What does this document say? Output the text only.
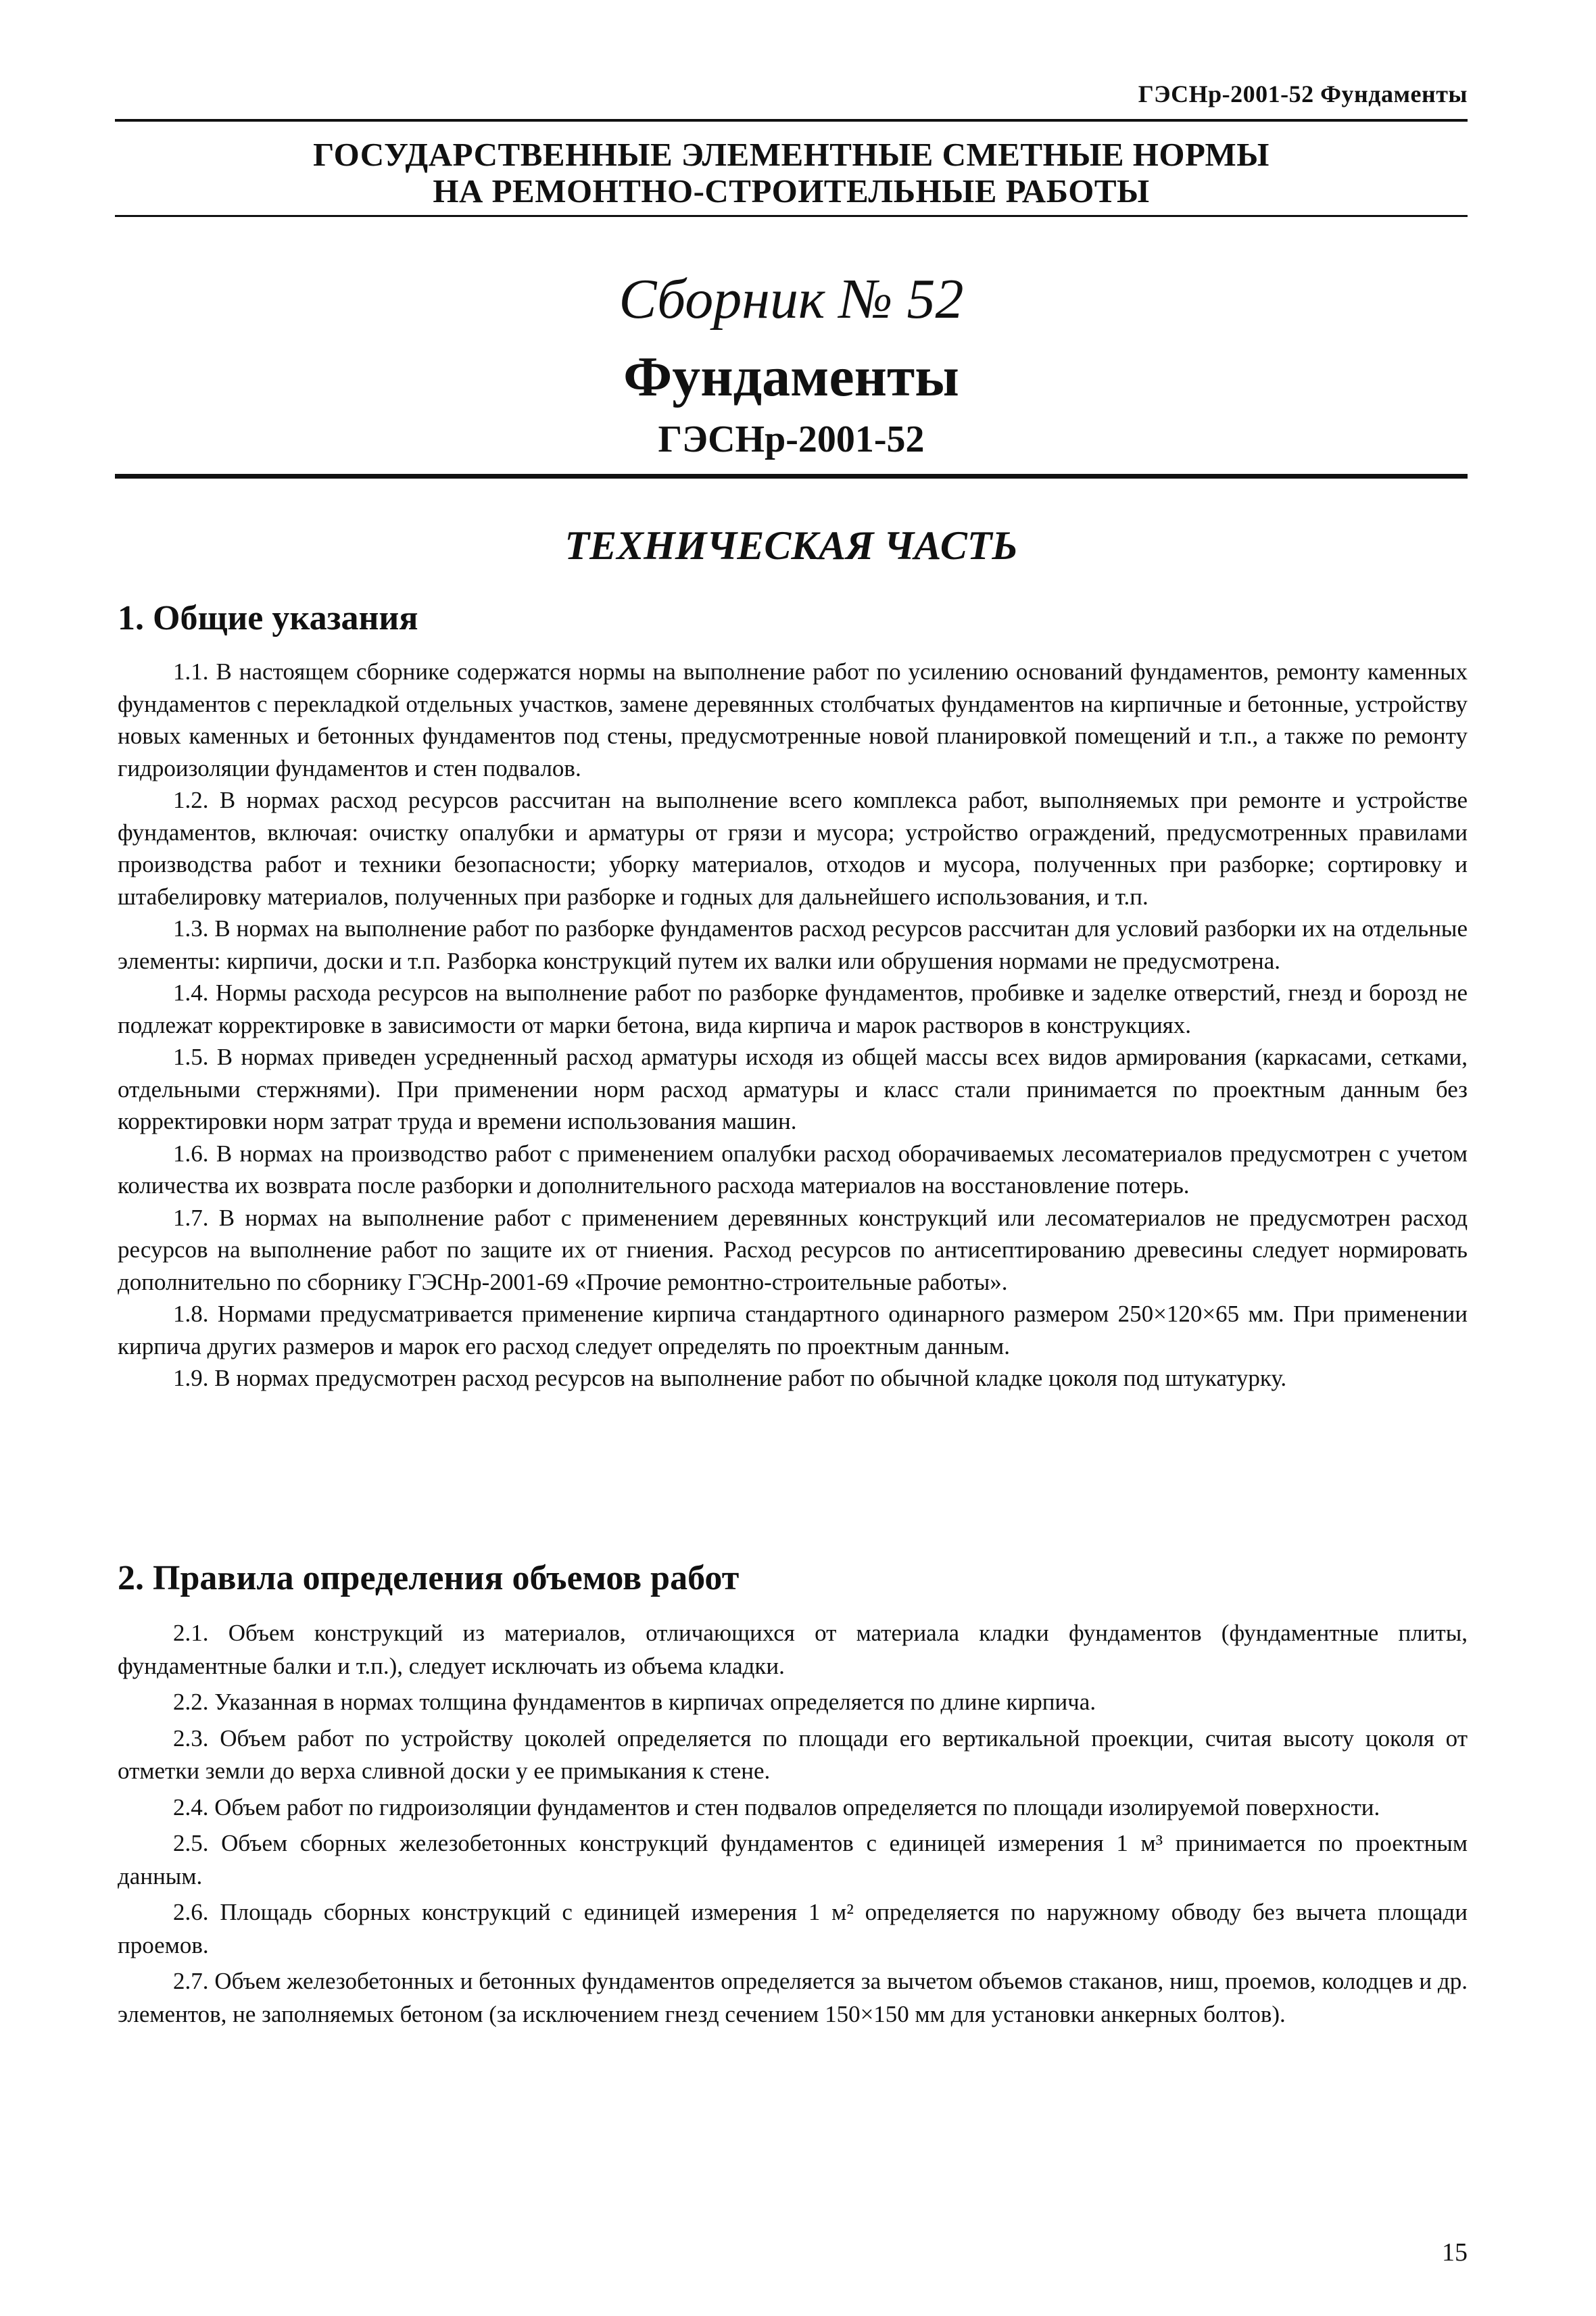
ГЭСНр-2001-52 Фундаменты
ГОСУДАРСТВЕННЫЕ ЭЛЕМЕНТНЫЕ СМЕТНЫЕ НОРМЫ
НА РЕМОНТНО-СТРОИТЕЛЬНЫЕ РАБОТЫ
Сборник № 52
Фундаменты
ГЭСНр-2001-52
ТЕХНИЧЕСКАЯ ЧАСТЬ
1. Общие указания

1.1. В настоящем сборнике содержатся нормы на выполнение работ по усилению оснований фундаментов, ремонту каменных фундаментов с перекладкой отдельных участков, замене деревянных столбчатых фундаментов на кирпичные и бетонные, устройству новых каменных и бетонных фундаментов под стены, предусмотренные новой планировкой помещений и т.п., а также по ремонту гидроизоляции фундаментов и стен подвалов.

1.2. В нормах расход ресурсов рассчитан на выполнение всего комплекса работ, выполняемых при ремонте и устройстве фундаментов, включая: очистку опалубки и арматуры от грязи и мусора; устройство ограждений, предусмотренных правилами производства работ и техники безопасности; уборку материалов, отходов и мусора, полученных при разборке; сортировку и штабелировку материалов, полученных при разборке и годных для дальнейшего использования, и т.п.

1.3. В нормах на выполнение работ по разборке фундаментов расход ресурсов рассчитан для условий разборки их на отдельные элементы: кирпичи, доски и т.п. Разборка конструкций путем их валки или обрушения нормами не предусмотрена.

1.4. Нормы расхода ресурсов на выполнение работ по разборке фундаментов, пробивке и заделке отверстий, гнезд и борозд не подлежат корректировке в зависимости от марки бетона, вида кирпича и марок растворов в конструкциях.

1.5. В нормах приведен усредненный расход арматуры исходя из общей массы всех видов армирования (каркасами, сетками, отдельными стержнями). При применении норм расход арматуры и класс стали принимается по проектным данным без корректировки норм затрат труда и времени использования машин.

1.6. В нормах на производство работ с применением опалубки расход оборачиваемых лесоматериалов предусмотрен с учетом количества их возврата после разборки и дополнительного расхода материалов на восстановление потерь.

1.7. В нормах на выполнение работ с применением деревянных конструкций или лесоматериалов не предусмотрен расход ресурсов на выполнение работ по защите их от гниения. Расход ресурсов по антисептированию древесины следует нормировать дополнительно по сборнику ГЭСНр-2001-69 «Прочие ремонтно-строительные работы».

1.8. Нормами предусматривается применение кирпича стандартного одинарного размером 250×120×65 мм. При применении кирпича других размеров и марок его расход следует определять по проектным данным.

1.9. В нормах предусмотрен расход ресурсов на выполнение работ по обычной кладке цоколя под штукатурку.

2. Правила определения объемов работ

2.1. Объем конструкций из материалов, отличающихся от материала кладки фундаментов (фундаментные плиты, фундаментные балки и т.п.), следует исключать из объема кладки.

2.2. Указанная в нормах толщина фундаментов в кирпичах определяется по длине кирпича.

2.3. Объем работ по устройству цоколей определяется по площади его вертикальной проекции, считая высоту цоколя от отметки земли до верха сливной доски у ее примыкания к стене.

2.4. Объем работ по гидроизоляции фундаментов и стен подвалов определяется по площади изолируемой поверхности.

2.5. Объем сборных железобетонных конструкций фундаментов с единицей измерения 1 м³ принимается по проектным данным.

2.6. Площадь сборных конструкций с единицей измерения 1 м² определяется по наружному обводу без вычета площади проемов.

2.7. Объем железобетонных и бетонных фундаментов определяется за вычетом объемов стаканов, ниш, проемов, колодцев и др. элементов, не заполняемых бетоном (за исключением гнезд сечением 150×150 мм для установки анкерных болтов).

15
